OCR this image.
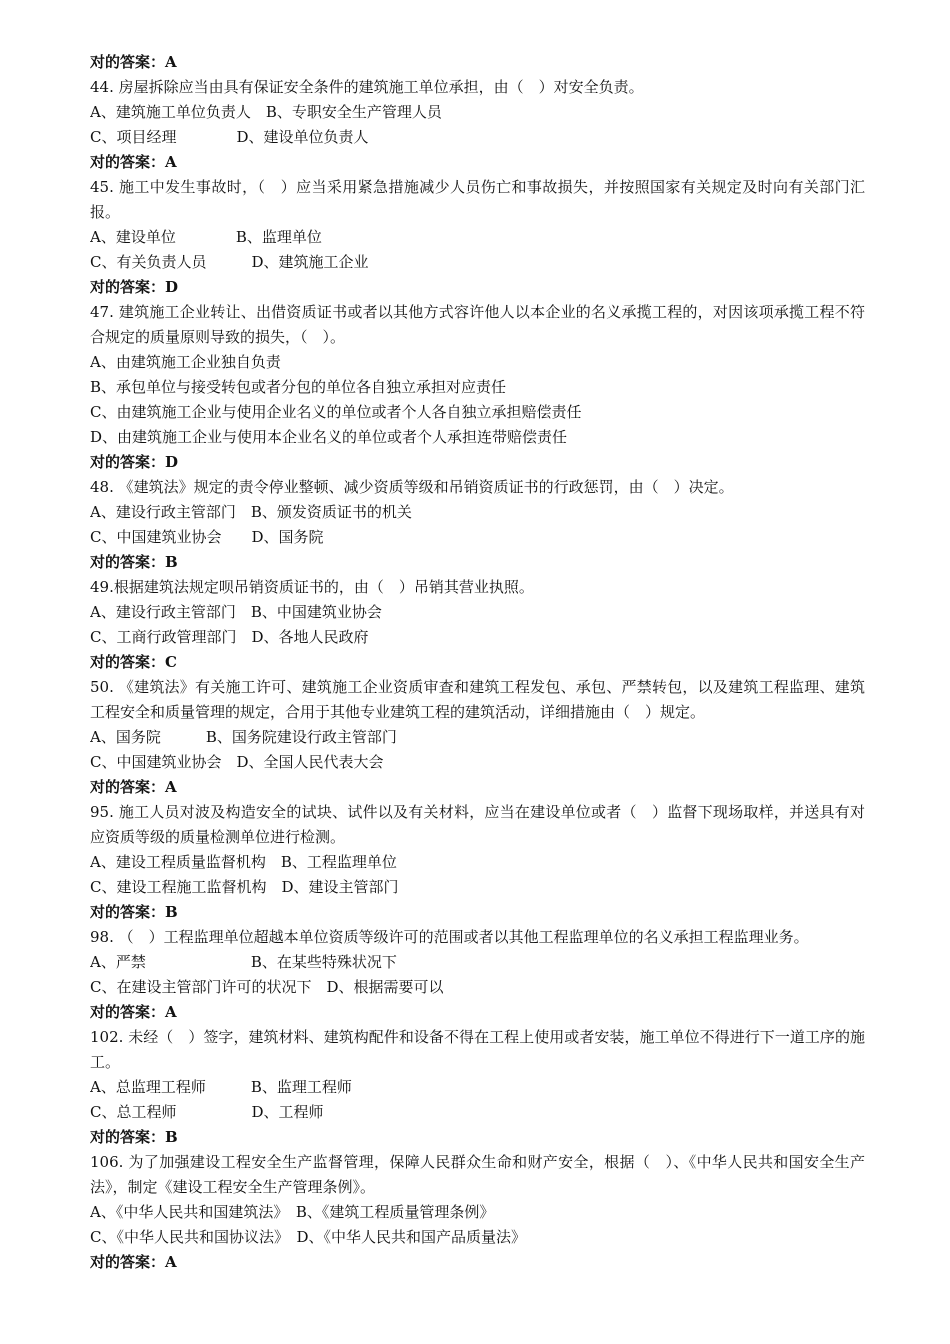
对的答案：A
44. 房屋拆除应当由具有保证安全条件的建筑施工单位承担，由（　）对安全负责。
A、建筑施工单位负责人　B、专职安全生产管理人员
C、项目经理　　　　D、建设单位负责人
对的答案：A
45. 施工中发生事故时，（　）应当采用紧急措施减少人员伤亡和事故损失，并按照国家有关规定及时向有关部门汇报。
A、建设单位　　　　B、监理单位
C、有关负责人员　　　D、建筑施工企业
对的答案：D
47. 建筑施工企业转让、出借资质证书或者以其他方式容许他人以本企业的名义承揽工程的，对因该项承揽工程不符合规定的质量原则导致的损失，（　）。
A、由建筑施工企业独自负责
B、承包单位与接受转包或者分包的单位各自独立承担对应责任
C、由建筑施工企业与使用企业名义的单位或者个人各自独立承担赔偿责任
D、由建筑施工企业与使用本企业名义的单位或者个人承担连带赔偿责任
对的答案：D
48. 《建筑法》规定的责令停业整顿、减少资质等级和吊销资质证书的行政惩罚，由（　）决定。
A、建设行政主管部门　B、颁发资质证书的机关
C、中国建筑业协会　　D、国务院
对的答案：B
49.根据建筑法规定呗吊销资质证书的，由（　）吊销其营业执照。
A、建设行政主管部门　B、中国建筑业协会
C、工商行政管理部门　D、各地人民政府
对的答案：C
50. 《建筑法》有关施工许可、建筑施工企业资质审查和建筑工程发包、承包、严禁转包，以及建筑工程监理、建筑工程安全和质量管理的规定，合用于其他专业建筑工程的建筑活动，详细措施由（　）规定。
A、国务院　　　B、国务院建设行政主管部门
C、中国建筑业协会　D、全国人民代表大会
对的答案：A
95. 施工人员对波及构造安全的试块、试件以及有关材料，应当在建设单位或者（　）监督下现场取样，并送具有对应资质等级的质量检测单位进行检测。
A、建设工程质量监督机构　B、工程监理单位
C、建设工程施工监督机构　D、建设主管部门
对的答案：B
98. （　）工程监理单位超越本单位资质等级许可的范围或者以其他工程监理单位的名义承担工程监理业务。
A、严禁　　　　　　　B、在某些特殊状况下
C、在建设主管部门许可的状况下　D、根据需要可以
对的答案：A
102. 未经（　）签字，建筑材料、建筑构配件和设备不得在工程上使用或者安装，施工单位不得进行下一道工序的施工。
A、总监理工程师　　　B、监理工程师
C、总工程师　　　　　D、工程师
对的答案：B
106. 为了加强建设工程安全生产监督管理，保障人民群众生命和财产安全，根据（　）、《中华人民共和国安全生产法》，制定《建设工程安全生产管理条例》。
A、《中华人民共和国建筑法》　B、《建筑工程质量管理条例》
C、《中华人民共和国协议法》　D、《中华人民共和国产品质量法》
对的答案：A
